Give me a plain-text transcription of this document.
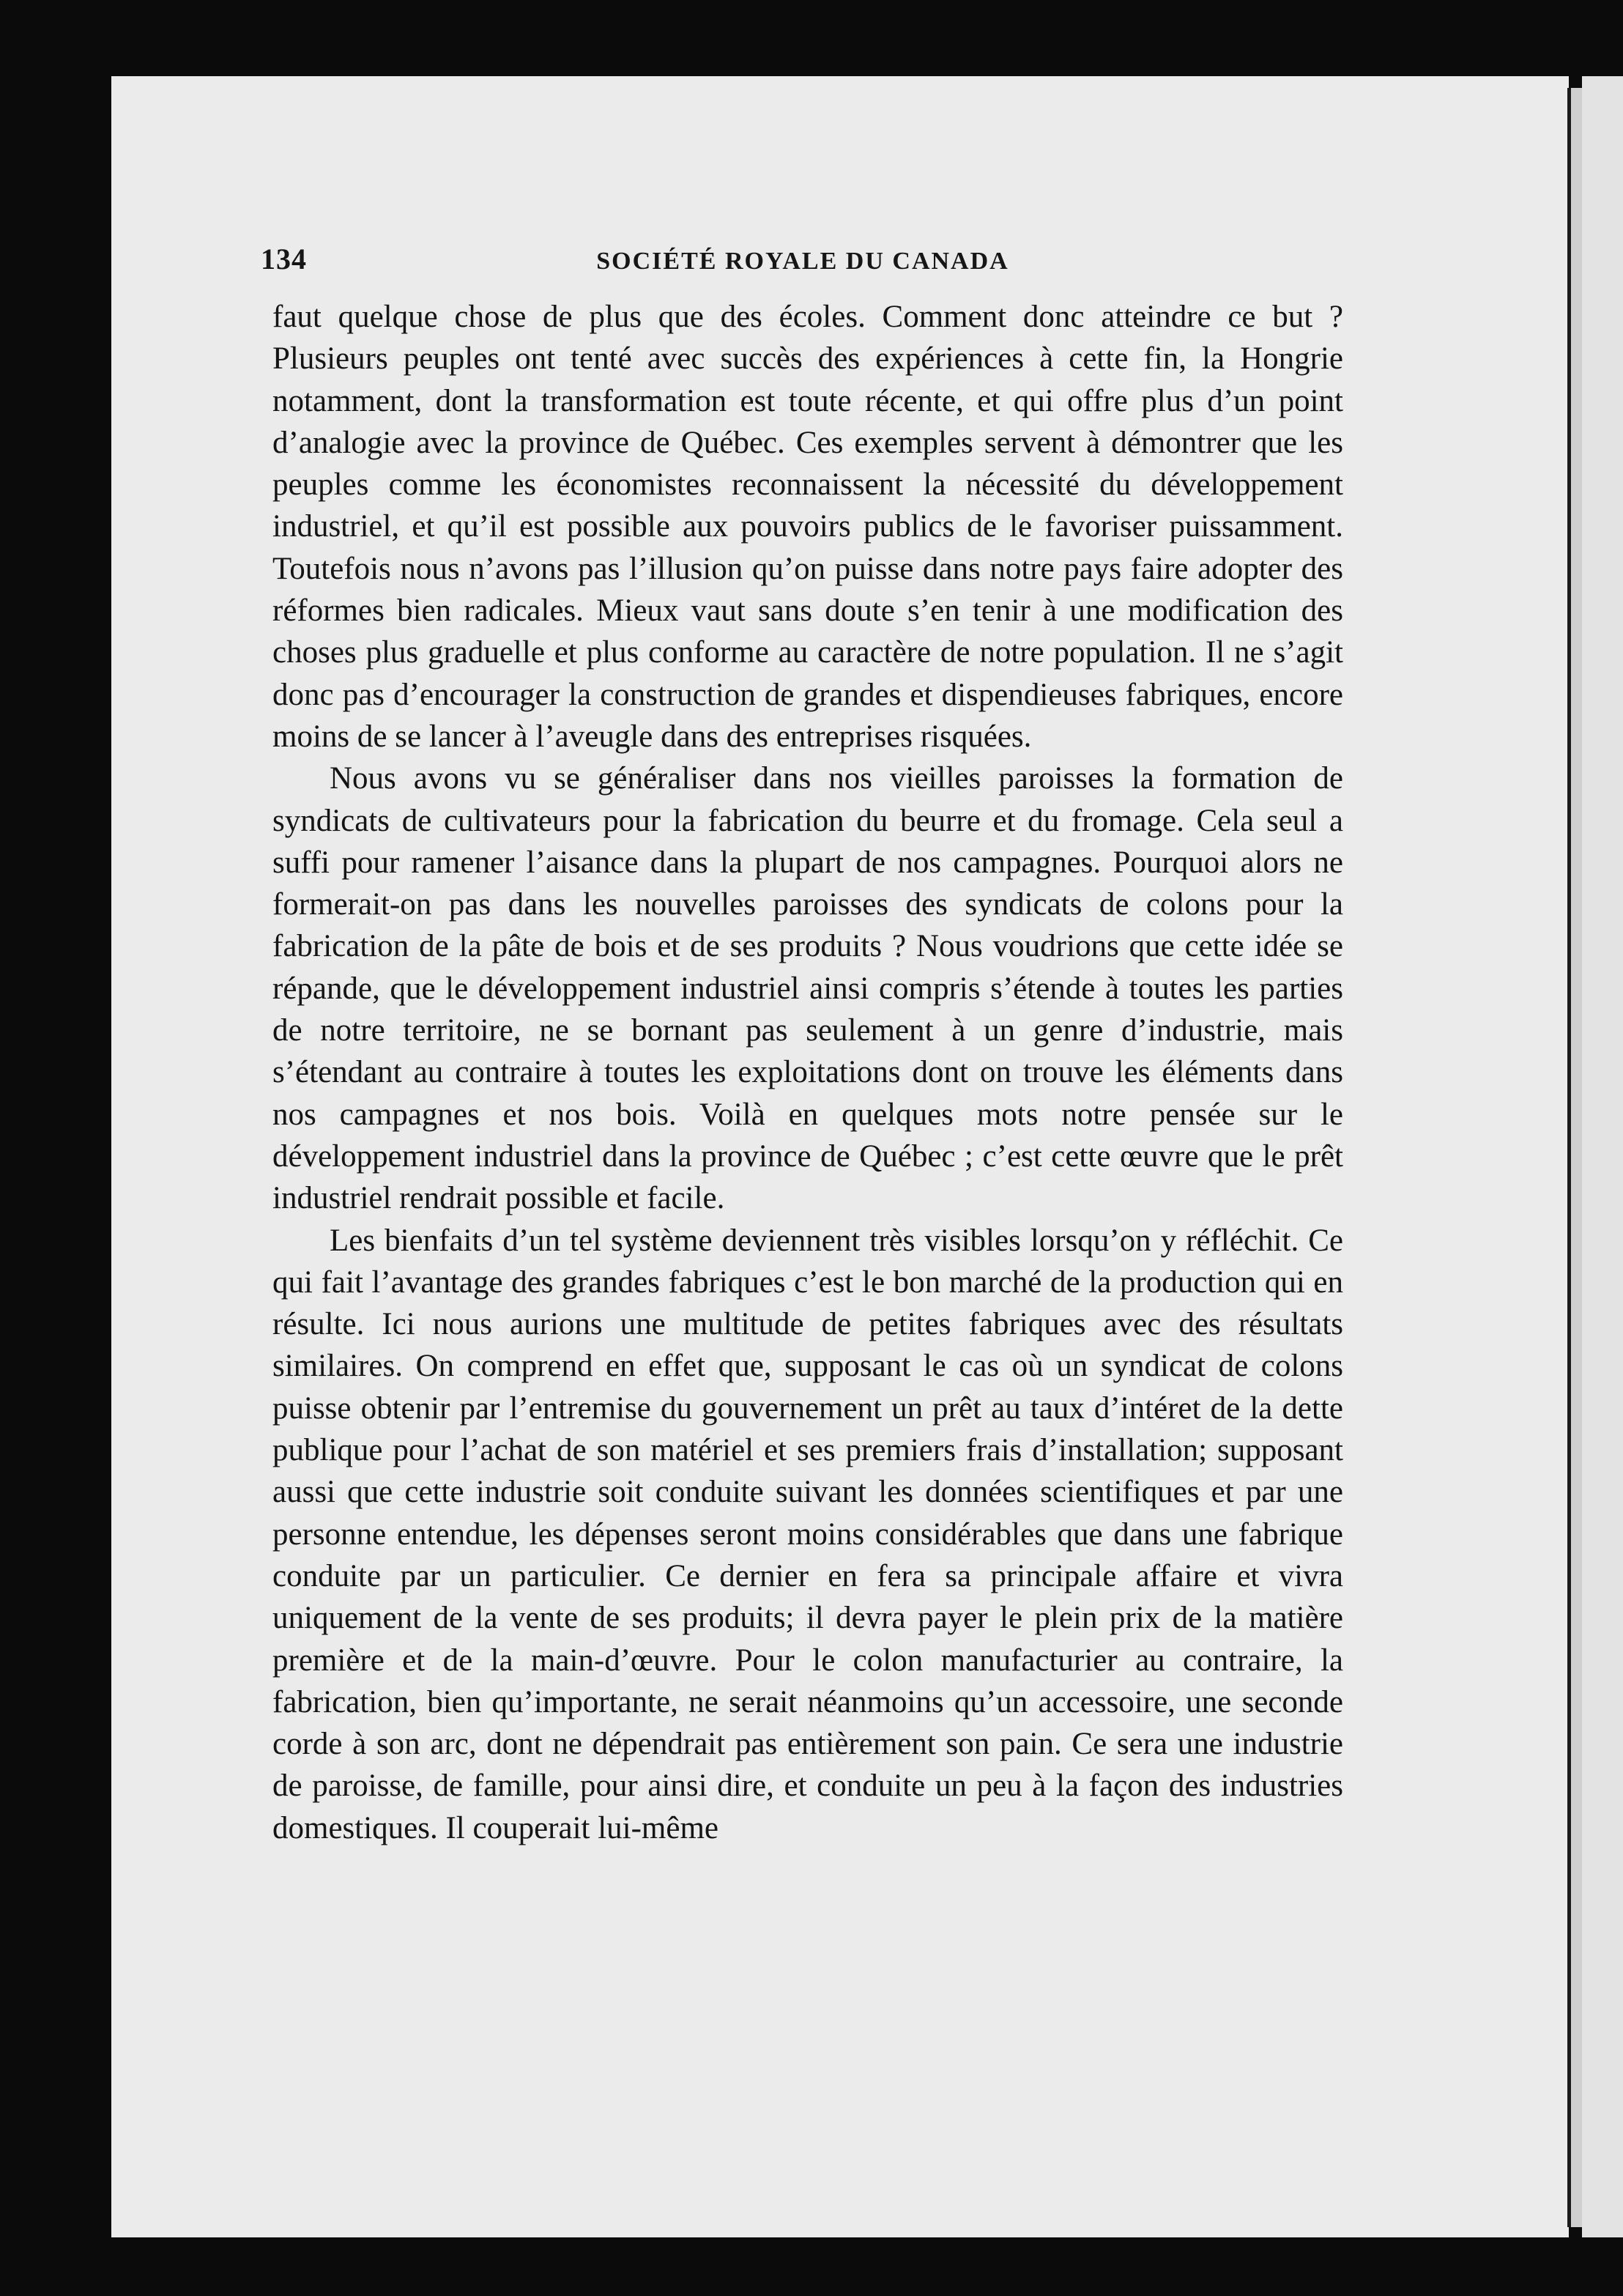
134	SOCIÉTÉ ROYALE DU CANADA

faut quelque chose de plus que des écoles. Comment donc atteindre ce but ? Plusieurs peuples ont tenté avec succès des expériences à cette fin, la Hongrie notamment, dont la transformation est toute récente, et qui offre plus d’un point d’analogie avec la province de Québec. Ces exemples servent à démontrer que les peuples comme les économistes reconnaissent la nécessité du développement industriel, et qu’il est possible aux pouvoirs publics de le favoriser puissamment. Toutefois nous n’avons pas l’illusion qu’on puisse dans notre pays faire adopter des réformes bien radicales. Mieux vaut sans doute s’en tenir à une modification des choses plus graduelle et plus conforme au caractère de notre population. Il ne s’agit donc pas d’encourager la construction de grandes et dispendieuses fabriques, encore moins de se lancer à l’aveugle dans des entreprises risquées.

Nous avons vu se généraliser dans nos vieilles paroisses la formation de syndicats de cultivateurs pour la fabrication du beurre et du fromage. Cela seul a suffi pour ramener l’aisance dans la plupart de nos campagnes. Pourquoi alors ne formerait-on pas dans les nouvelles paroisses des syndicats de colons pour la fabrication de la pâte de bois et de ses produits ? Nous voudrions que cette idée se répande, que le développement industriel ainsi compris s’étende à toutes les parties de notre territoire, ne se bornant pas seulement à un genre d’industrie, mais s’étendant au contraire à toutes les exploitations dont on trouve les éléments dans nos campagnes et nos bois. Voilà en quelques mots notre pensée sur le développement industriel dans la province de Québec ; c’est cette œuvre que le prêt industriel rendrait possible et facile.

Les bienfaits d’un tel système deviennent très visibles lorsqu’on y réfléchit. Ce qui fait l’avantage des grandes fabriques c’est le bon marché de la production qui en résulte. Ici nous aurions une multitude de petites fabriques avec des résultats similaires. On comprend en effet que, supposant le cas où un syndicat de colons puisse obtenir par l’entremise du gouvernement un prêt au taux d’intéret de la dette publique pour l’achat de son matériel et ses premiers frais d’installation; supposant aussi que cette industrie soit conduite suivant les données scientifiques et par une personne entendue, les dépenses seront moins considérables que dans une fabrique conduite par un particulier. Ce dernier en fera sa principale affaire et vivra uniquement de la vente de ses produits; il devra payer le plein prix de la matière première et de la main-d’œuvre. Pour le colon manufacturier au contraire, la fabrication, bien qu’importante, ne serait néanmoins qu’un accessoire, une seconde corde à son arc, dont ne dépendrait pas entièrement son pain. Ce sera une industrie de paroisse, de famille, pour ainsi dire, et conduite un peu à la façon des industries domestiques. Il couperait lui-même
